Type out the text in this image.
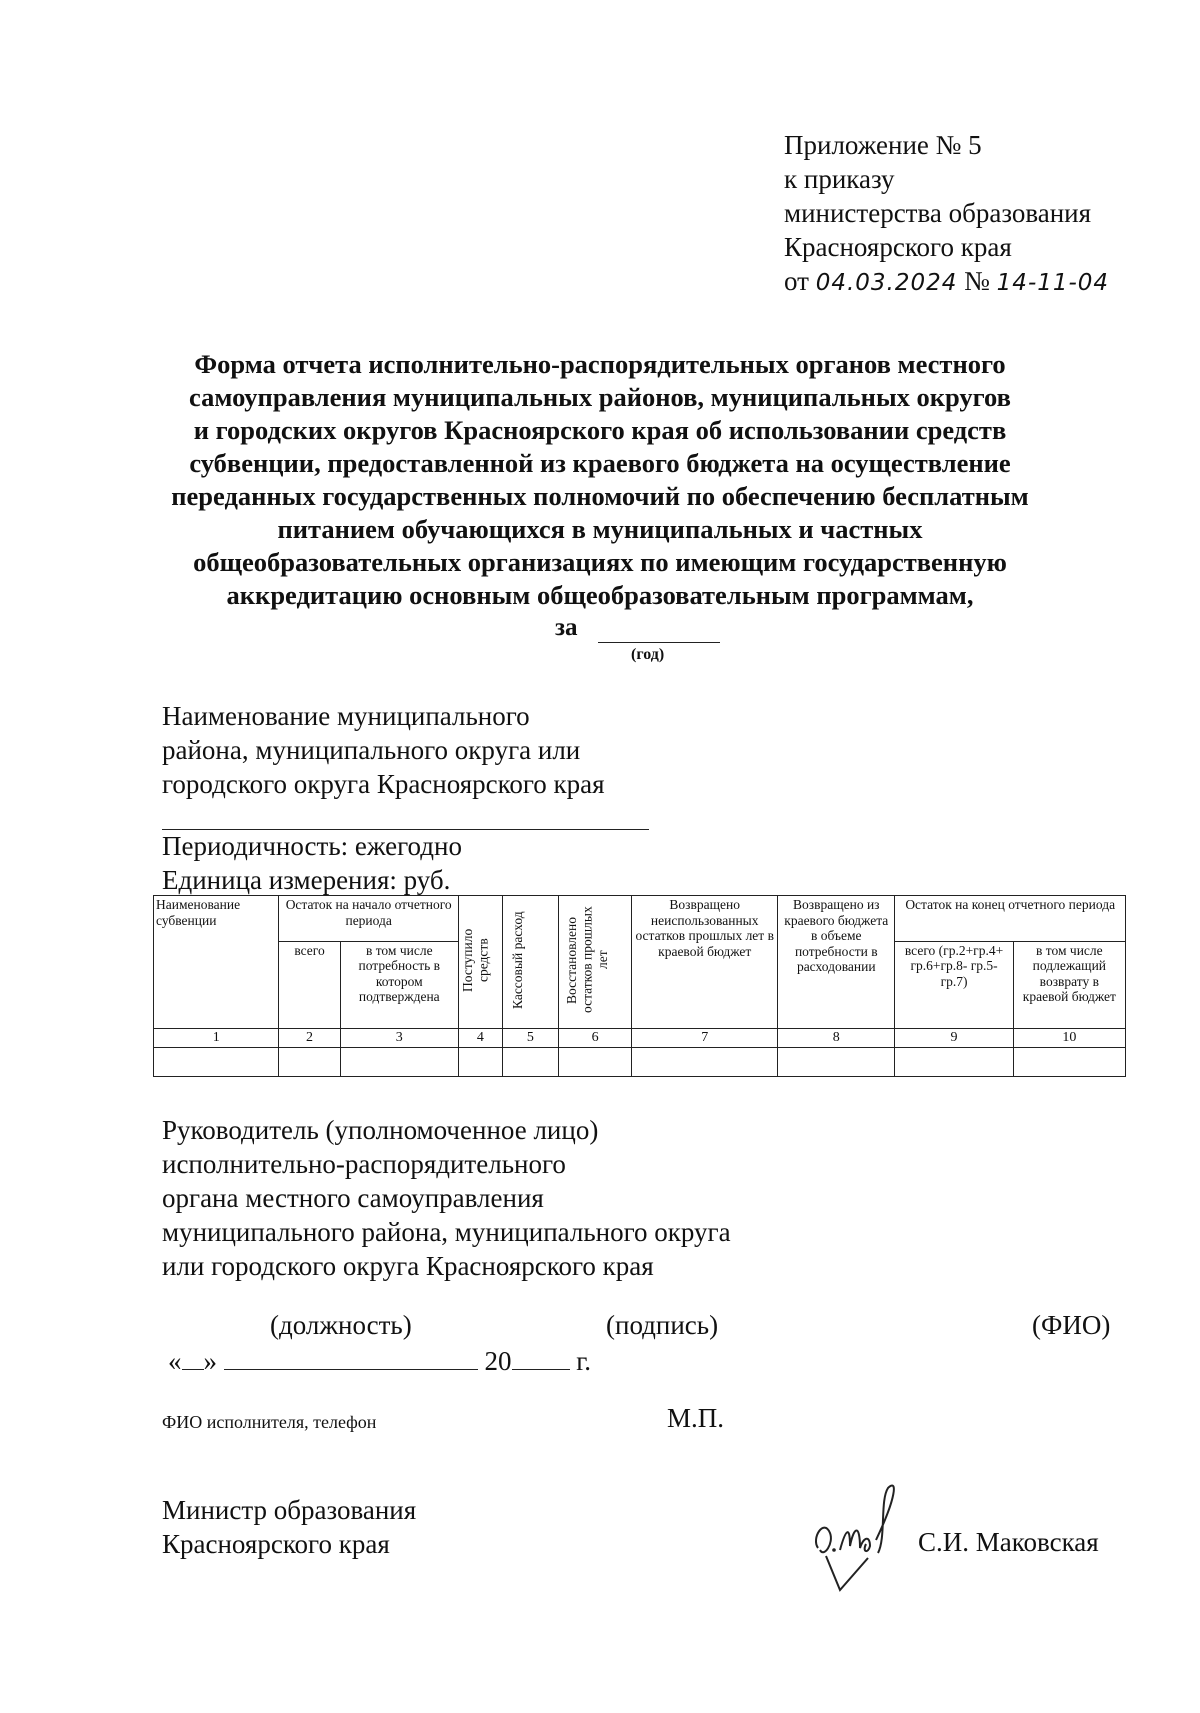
Приложение № 5
к приказу
министерства образования
Красноярского края
от 04.03.2024 № 14-11-04
Форма отчета исполнительно-распорядительных органов местного
самоуправления муниципальных районов, муниципальных округов
и городских округов Красноярского края об использовании средств
субвенции, предоставленной из краевого бюджета на осуществление
переданных государственных полномочий по обеспечению бесплатным
питанием обучающихся в муниципальных и частных
общеобразовательных организациях по имеющим государственную
аккредитацию основным общеобразовательным программам,
за
(год)
Наименование муниципального
района, муниципального округа или
городского округа Красноярского края
Периодичность: ежегодно
Единица измерения: руб.
Наименование субвенции	Остаток на начало отчетного периода		Поступило средств	Кассовый расход	Восстановлено остатков прошлых лет	Возвращено неиспользованных остатков прошлых лет в краевой бюджет	Возвращено из краевого бюджета в объеме потребности в расходовании	Остаток на конец отчетного периода	
	всего	в том числе потребность в котором подтверждена						всего (гр.2+гр.4+ гр.6+гр.8- гр.5-гр.7)	в том числе подлежащий возврату в краевой бюджет
1	2	3	4	5	6	7	8	9	10

Руководитель (уполномоченное лицо)
исполнительно-распорядительного
органа местного самоуправления
муниципального района, муниципального округа
или городского округа Красноярского края
(должность)	(подпись)	(ФИО)
« »	20 г.
ФИО исполнителя, телефон	М.П.
Министр образования
Красноярского края	С.И. Маковская
